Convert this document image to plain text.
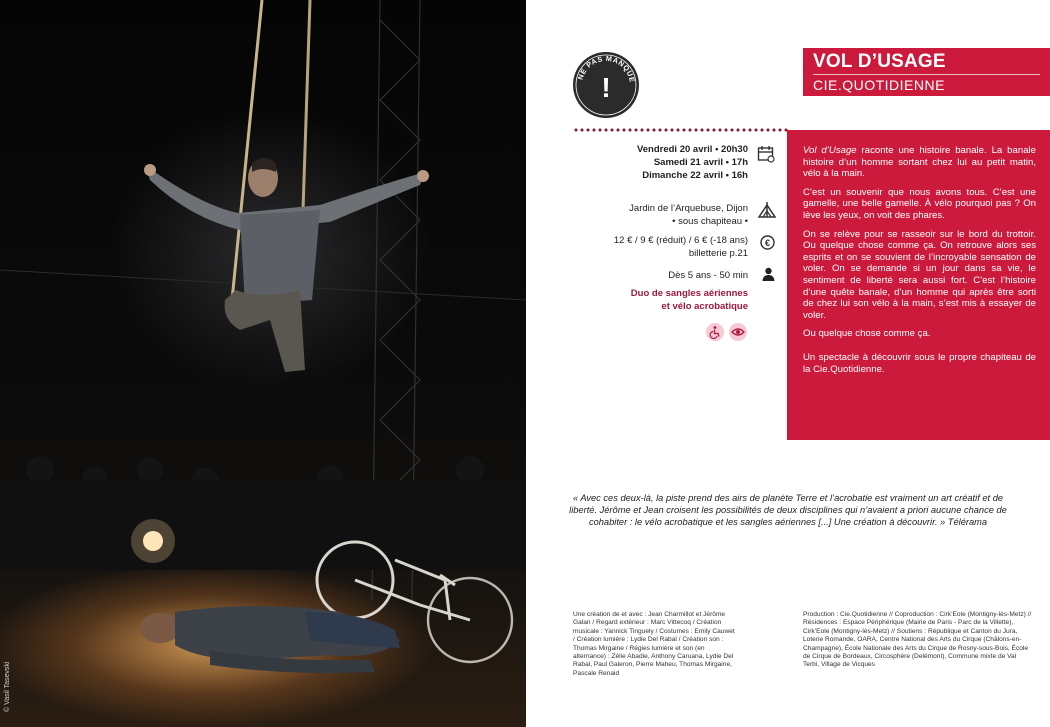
© Vasil Tasevski
NE PAS MANQUE
!
VOL D’USAGE
CIE.QUOTIDIENNE
Vendredi 20 avril • 20h30
Samedi 21 avril • 17h
Dimanche 22 avril • 16h
Jardin de l’Arquebuse, Dijon
• sous chapiteau •
12 € / 9 € (réduit) / 6 € (-18 ans)
billetterie p.21
€
Dès 5 ans - 50 min
Duo de sangles aériennes
et vélo acrobatique

Vol d’Usage raconte une histoire banale. La banale histoire d’un homme sortant chez lui au petit matin, vélo à la main.

C’est un souvenir que nous avons tous. C’est une gamelle, une belle gamelle. À vélo pourquoi pas ? On lève les yeux, on voit des phares.

On se relève pour se rasseoir sur le bord du trottoir. Ou quelque chose comme ça. On retrouve alors ses esprits et on se souvient de l’incroyable sensation de voler. On se demande si un jour dans sa vie, le sentiment de liberté sera aussi fort. C’est l’histoire d’une quête banale, d’un homme qui après être sorti de chez lui son vélo à la main, s’est mis à essayer de voler.

Ou quelque chose comme ça.

Un spectacle à découvrir sous le propre chapiteau de la Cie.Quotidienne.

« Avec ces deux-là, la piste prend des airs de planète Terre et l’acrobatie est vraiment un art créatif et de liberté. Jérôme et Jean croisent les possibilités de deux disciplines qui n’avaient a priori aucune chance de cohabiter : le vélo acrobatique et les sangles aériennes [...] Une création à découvrir. » Télérama
Une création de et avec : Jean Charmillot et Jérôme Galan / Regard extérieur : Marc Vittecoq / Création musicale : Yannick Tinguely / Costumes : Emily Cauwet / Création lumière : Lydie Del Rabal / Création son : Thomas Mirgaine / Régies lumière et son (en alternance) : Zélie Abadie, Anthony Caruana, Lydie Del Rabal, Paul Galeron, Pierre Maheu, Thomas Mirgaine, Pascale Renaid
Production : Cie.Quotidienne // Coproduction : Cirk’Eole (Montigny-lès-Metz) // Résidences : Espace Périphérique (Mairie de Paris - Parc de la Villette), Cirk’Eole (Montigny-lès-Metz) // Soutiens : République et Canton du Jura, Loterie Romande, OARA, Centre National des Arts du Cirque (Châlons-en-Champagne), École Nationale des Arts du Cirque de Rosny-sous-Bois, École de Cirque de Bordeaux, Circosphère (Delémont), Commune mixte de Val Terbi, Village de Vicques
